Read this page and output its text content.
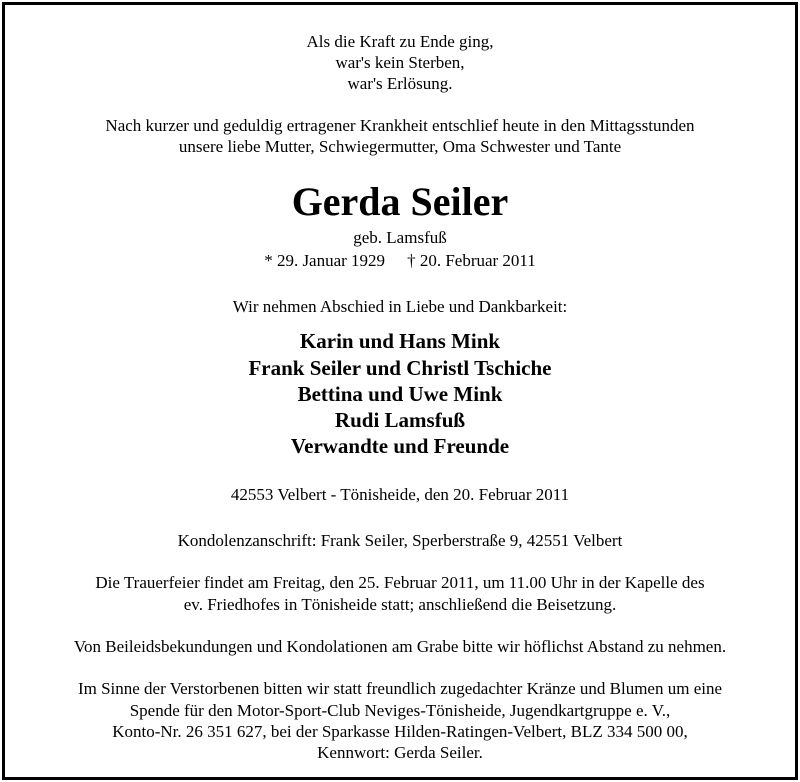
Als die Kraft zu Ende ging,
war's kein Sterben,
war's Erlösung.
Nach kurzer und geduldig ertragener Krankheit entschlief heute in den Mittagsstunden
unsere liebe Mutter, Schwiegermutter, Oma Schwester und Tante
Gerda Seiler
geb. Lamsfuß
* 29. Januar 1929 † 20. Februar 2011
Wir nehmen Abschied in Liebe und Dankbarkeit:
Karin und Hans Mink
Frank Seiler und Christl Tschiche
Bettina und Uwe Mink
Rudi Lamsfuß
Verwandte und Freunde
42553 Velbert - Tönisheide, den 20. Februar 2011
Kondolenzanschrift: Frank Seiler, Sperberstraße 9, 42551 Velbert
Die Trauerfeier findet am Freitag, den 25. Februar 2011, um 11.00 Uhr in der Kapelle des
ev. Friedhofes in Tönisheide statt; anschließend die Beisetzung.
Von Beileidsbekundungen und Kondolationen am Grabe bitte wir höflichst Abstand zu nehmen.
Im Sinne der Verstorbenen bitten wir statt freundlich zugedachter Kränze und Blumen um eine
Spende für den Motor-Sport-Club Neviges-Tönisheide, Jugendkartgruppe e. V.,
Konto-Nr. 26 351 627, bei der Sparkasse Hilden-Ratingen-Velbert, BLZ 334 500 00,
Kennwort: Gerda Seiler.
